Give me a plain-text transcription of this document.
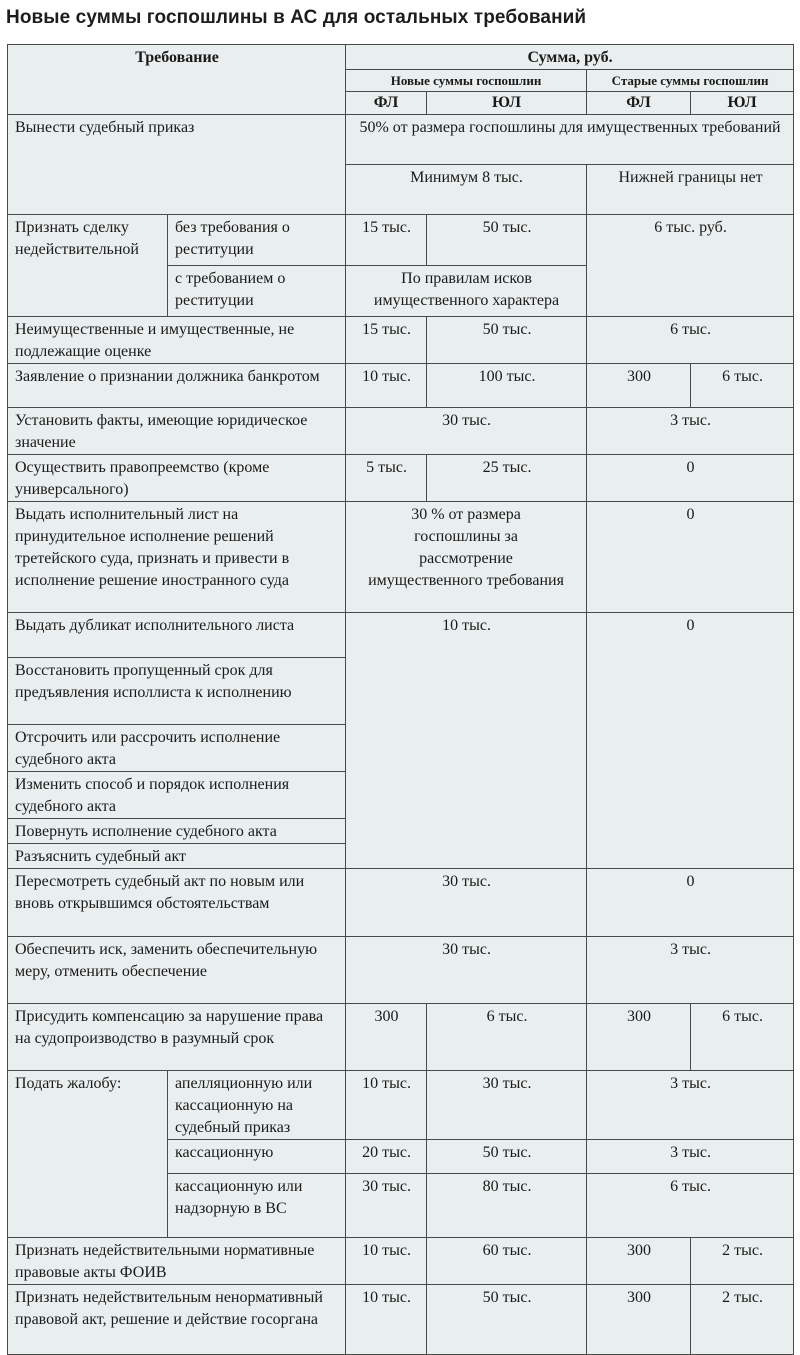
Новые суммы госпошлины в АС для остальных требований
Требование		Сумма, руб.			
		Новые суммы госпошлин		Старые суммы госпошлин	
		ФЛ	ЮЛ	ФЛ	ЮЛ
Вынести судебный приказ		50% от размера госпошлины для имущественных требований			
		Минимум 8 тыс.		Нижней границы нет	
Признать сделку недействительной	без требования о реституции	15 тыс.	50 тыс.	6 тыс. руб.	
	с требованием о реституции	По правилам исков имущественного характера			
Неимущественные и имущественные, не подлежащие оценке		15 тыс.	50 тыс.	6 тыс.	
Заявление о признании должника банкротом		10 тыс.	100 тыс.	300	6 тыс.
Установить факты, имеющие юридическое значение		30 тыс.		3 тыс.	
Осуществить правопреемство (кроме универсального)		5 тыс.	25 тыс.	0	
Выдать исполнительный лист на принудительное исполнение решений третейского суда, признать и привести в исполнение решение иностранного суда		30 % от размера госпошлины за рассмотрение имущественного требования		0	
Выдать дубликат исполнительного листа		10 тыс.		0	
Восстановить пропущенный срок для предъявления исполлиста к исполнению					
Отсрочить или рассрочить исполнение судебного акта					
Изменить способ и порядок исполнения судебного акта					
Повернуть исполнение судебного акта					
Разъяснить судебный акт					
Пересмотреть судебный акт по новым или вновь открывшимся обстоятельствам		30 тыс.		0	
Обеспечить иск, заменить обеспечительную меру, отменить обеспечение		30 тыс.		3 тыс.	
Присудить компенсацию за нарушение права на судопроизводство в разумный срок		300	6 тыс.	300	6 тыс.
Подать жалобу:	апелляционную или кассационную на судебный приказ	10 тыс.	30 тыс.	3 тыс.	
	кассационную	20 тыс.	50 тыс.	3 тыс.	
	кассационную или надзорную в ВС	30 тыс.	80 тыс.	6 тыс.	
Признать недействительными нормативные правовые акты ФОИВ		10 тыс.	60 тыс.	300	2 тыс.
Признать недействительным ненормативный правовой акт, решение и действие госоргана		10 тыс.	50 тыс.	300	2 тыс.
